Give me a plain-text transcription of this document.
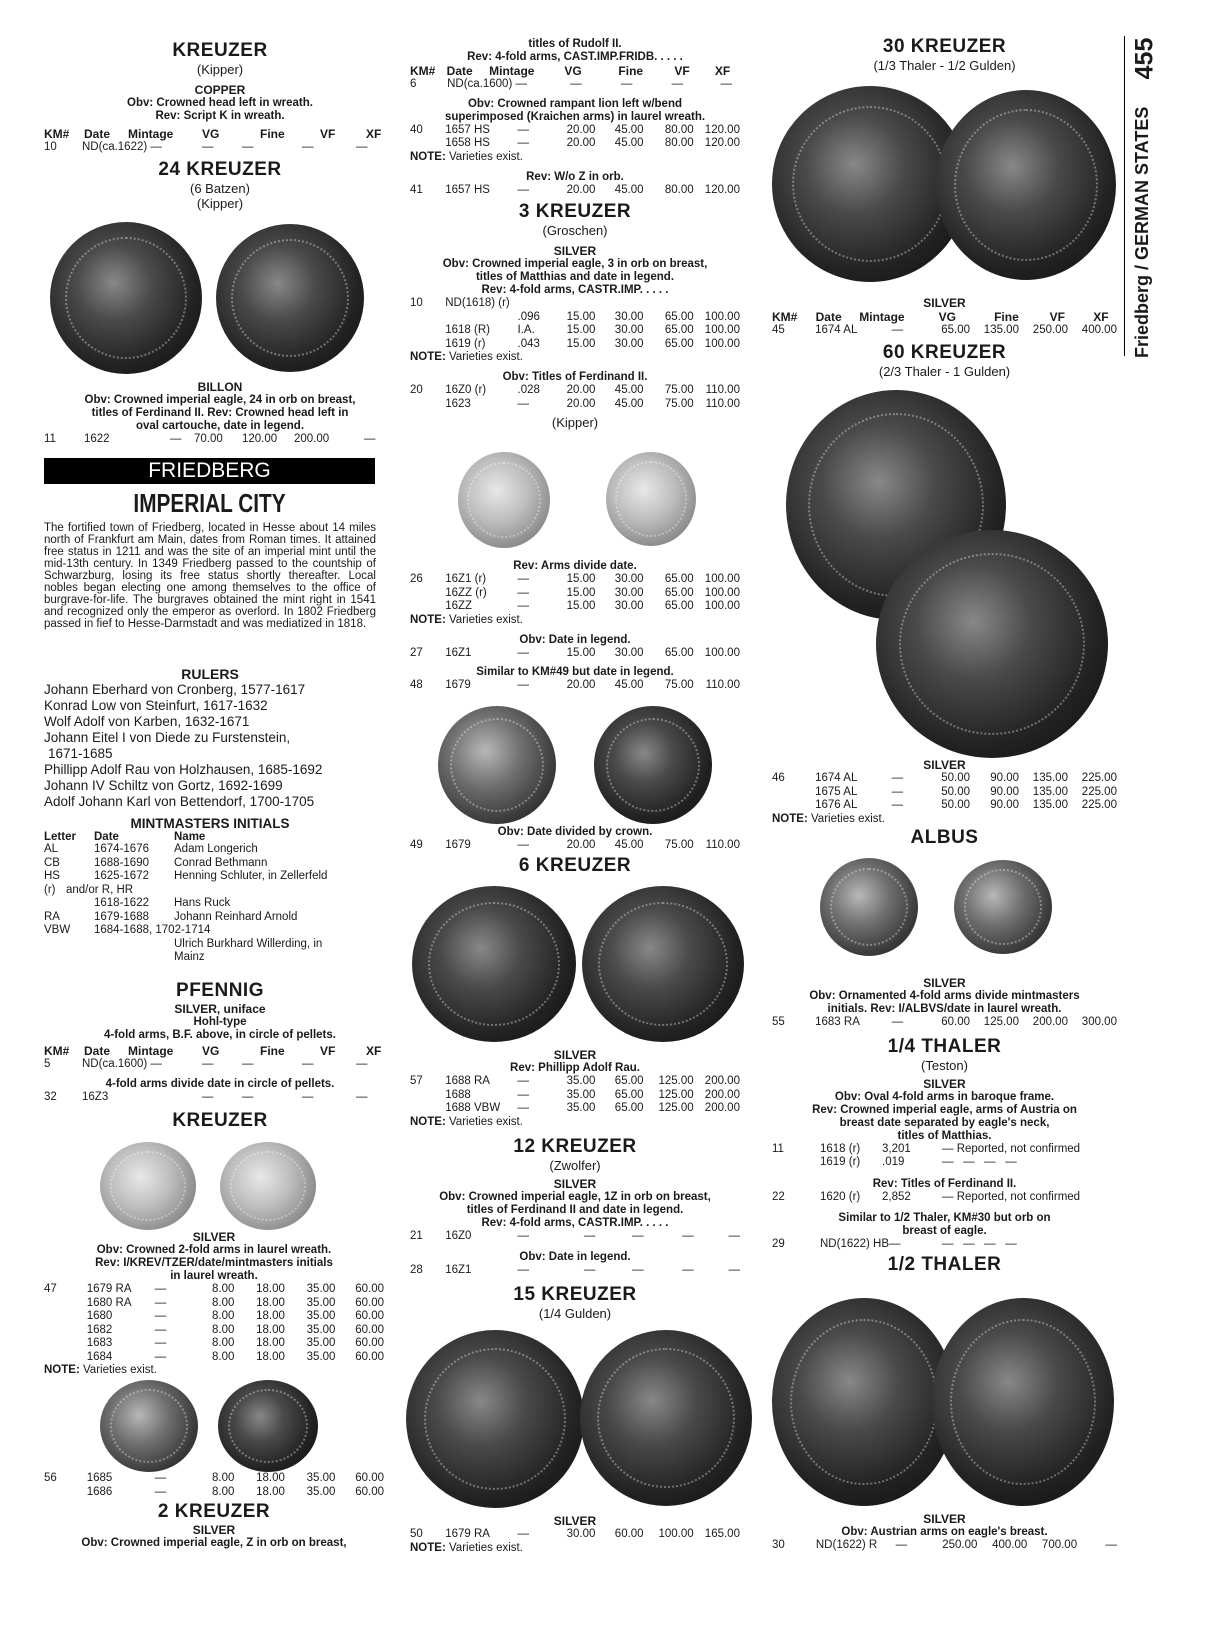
455
Friedberg / GERMAN STATES
KREUZER
(Kipper)
COPPER
Obv: Crowned head left in wreath.
Rev: Script K in wreath.
KM#	Date	Mintage	VG	Fine	VF	XF
10	ND(ca.1622) —	—	—	—	—
24 KREUZER
(6 Batzen)
(Kipper)
BILLON
Obv: Crowned imperial eagle, 24 in orb on breast,
titles of Ferdinand II. Rev: Crowned head left in
oval cartouche, date in legend.
11	1622	—	70.00	120.00	200.00	—
FRIEDBERG
IMPERIAL CITY
The fortified town of Friedberg, located in Hesse about 14 miles north of Frankfurt am Main, dates from Roman times. It attained free status in 1211 and was the site of an imperial mint until the mid-13th century. In 1349 Friedberg passed to the countship of Schwarzburg, losing its free status shortly thereafter. Local nobles began electing one among themselves to the office of burgrave-for-life. The burgraves obtained the mint right in 1541 and recognized only the emperor as overlord. In 1802 Friedberg passed in fief to Hesse-Darmstadt and was mediatized in 1818.
RULERS
Johann Eberhard von Cronberg, 1577-1617
Konrad Low von Steinfurt, 1617-1632
Wolf Adolf von Karben, 1632-1671
Johann Eitel I von Diede zu Furstenstein,
1671-1685
Phillipp Adolf Rau von Holzhausen, 1685-1692
Johann IV Schiltz von Gortz, 1692-1699
Adolf Johann Karl von Bettendorf, 1700-1705
MINTMASTERS INITIALS
Letter	Date	Name
AL	1674-1676	Adam Longerich
CB	1688-1690	Conrad Bethmann
HS	1625-1672	Henning Schluter, in Zellerfeld
(r) and/or R, HR
1618-1622	Hans Ruck
RA	1679-1688	Johann Reinhard Arnold
VBW	1684-1688, 1702-1714
Ulrich Burkhard Willerding, in
Mainz
PFENNIG
SILVER, uniface
Hohl-type
4-fold arms, B.F. above, in circle of pellets.
KM#	Date	Mintage	VG	Fine	VF	XF
5	ND(ca.1600) —	—	—	—	—
4-fold arms divide date in circle of pellets.
32	16Z3	—	—	—	—
KREUZER
SILVER
Obv: Crowned 2-fold arms in laurel wreath.
Rev: I/KREV/TZER/date/mintmasters initials
in laurel wreath.
47	1679 RA	—	8.00	18.00	35.00	60.00
1680 RA	—	8.00	18.00	35.00	60.00
1680	—	8.00	18.00	35.00	60.00
1682	—	8.00	18.00	35.00	60.00
1683	—	8.00	18.00	35.00	60.00
1684	—	8.00	18.00	35.00	60.00
NOTE: Varieties exist.
56	1685	—	8.00	18.00	35.00	60.00
1686	—	8.00	18.00	35.00	60.00
2 KREUZER
SILVER
Obv: Crowned imperial eagle, Z in orb on breast,
titles of Rudolf II.
Rev: 4-fold arms, CAST.IMP.FRIDB. . . . .
KM# Date	Mintage	VG	Fine	VF	XF
6	ND(ca.1600) —	—	—	—	—
Obv: Crowned rampant lion left w/bend
superimposed (Kraichen arms) in laurel wreath.
40	1657 HS	—	20.00	45.00	80.00 120.00
1658 HS	—	20.00	45.00	80.00 120.00
NOTE: Varieties exist.
Rev: W/o Z in orb.
41	1657 HS	—	20.00	45.00	80.00 120.00
3 KREUZER
(Groschen)
SILVER
Obv: Crowned imperial eagle, 3 in orb on breast,
titles of Matthias and date in legend.
Rev: 4-fold arms, CASTR.IMP. . . . .
10	ND(1618) (r)
.096	15.00	30.00	65.00 100.00
1618 (R)	I.A.	15.00	30.00	65.00 100.00
1619 (r)	.043	15.00	30.00	65.00 100.00
NOTE: Varieties exist.
Obv: Titles of Ferdinand II.
20	16Z0 (r)	.028	20.00	45.00	75.00	110.00
1623	—	20.00	45.00	75.00	110.00
(Kipper)
Rev: Arms divide date.
26	16Z1 (r)	—	15.00	30.00	65.00 100.00
16ZZ (r)	—	15.00	30.00	65.00 100.00
16ZZ	—	15.00	30.00	65.00 100.00
NOTE: Varieties exist.
Obv: Date in legend.
27	16Z1	—	15.00	30.00	65.00 100.00
Similar to KM#49 but date in legend.
48	1679	—	20.00	45.00	75.00	110.00
Obv: Date divided by crown.
49	1679	—	20.00	45.00	75.00	110.00
6 KREUZER
SILVER
Rev: Phillipp Adolf Rau.
57	1688 RA	—	35.00	65.00	125.00 200.00
1688	—	35.00	65.00	125.00 200.00
1688 VBW	—	35.00	65.00	125.00 200.00
NOTE: Varieties exist.
12 KREUZER
(Zwolfer)
SILVER
Obv: Crowned imperial eagle, 1Z in orb on breast,
titles of Ferdinand II and date in legend.
Rev: 4-fold arms, CASTR.IMP. . . . .
21	16Z0	—	—	—	—	—
Obv: Date in legend.
28	16Z1	—	—	—	—	—
15 KREUZER
(1/4 Gulden)
SILVER
50	1679 RA	—	30.00	60.00	100.00 165.00
NOTE: Varieties exist.
30 KREUZER
(1/3 Thaler - 1/2 Gulden)
SILVER
KM#	Date	Mintage	VG	Fine	VF	XF
45	1674 AL	—	65.00	135.00	250.00	400.00
60 KREUZER
(2/3 Thaler - 1 Gulden)
SILVER
46	1674 AL	—	50.00	90.00	135.00	225.00
1675 AL	—	50.00	90.00	135.00	225.00
1676 AL	—	50.00	90.00	135.00	225.00
NOTE: Varieties exist.
ALBUS
SILVER
Obv: Ornamented 4-fold arms divide mintmasters
initials. Rev: I/ALBVS/date in laurel wreath.
55	1683 RA	—	60.00	125.00	200.00	300.00
1/4 THALER
(Teston)
SILVER
Obv: Oval 4-fold arms in baroque frame.
Rev: Crowned imperial eagle, arms of Austria on
breast date separated by eagle's neck,
titles of Matthias.
11	1618 (r)	3,201	— Reported, not confirmed
1619 (r)	.019	—   —   —   —
Rev: Titles of Ferdinand II.
22	1620 (r)	2,852	— Reported, not confirmed
Similar to 1/2 Thaler, KM#30 but orb on
breast of eagle.
29	ND(1622) HB—	—   —   —   —
1/2 THALER
SILVER
Obv: Austrian arms on eagle's breast.
30	ND(1622) R	—	250.00	400.00	700.00	—
